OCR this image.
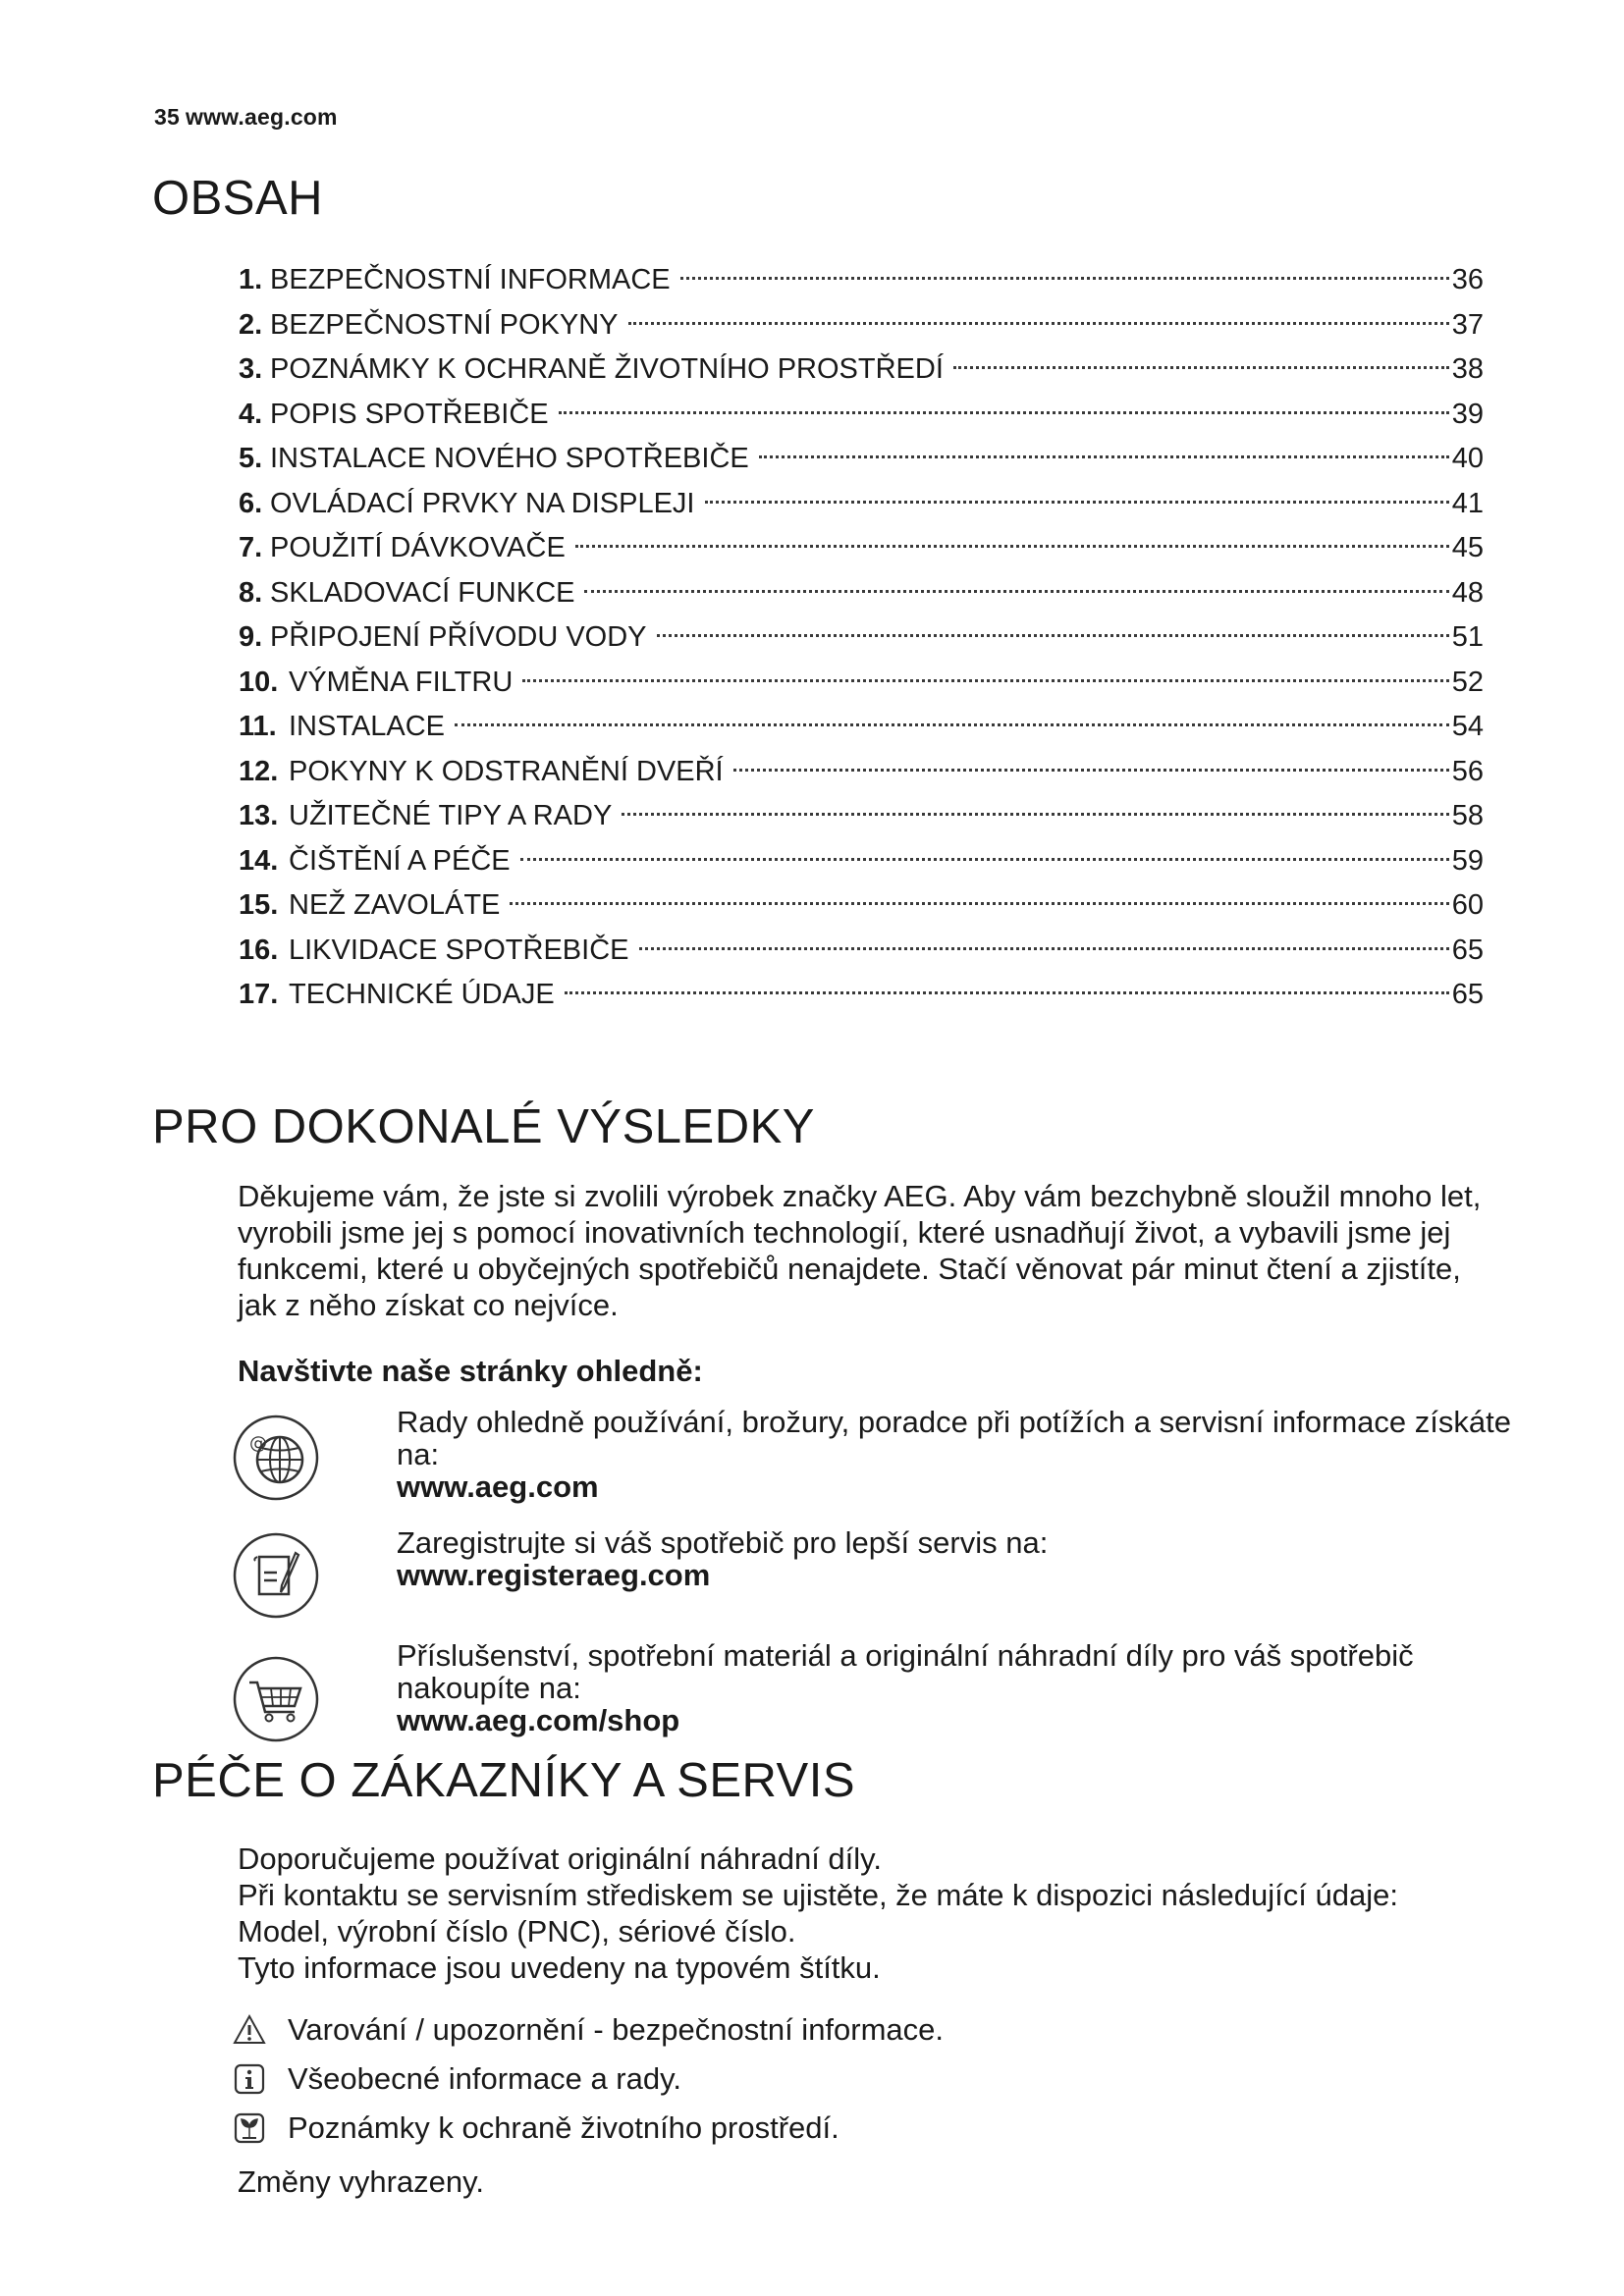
35 www.aeg.com
OBSAH
1. BEZPEČNOSTNÍ INFORMACE	36
2. BEZPEČNOSTNÍ POKYNY	37
3. POZNÁMKY K OCHRANĚ ŽIVOTNÍHO PROSTŘEDÍ	38
4. POPIS SPOTŘEBIČE	39
5. INSTALACE NOVÉHO SPOTŘEBIČE	40
6. OVLÁDACÍ PRVKY NA DISPLEJI	41
7. POUŽITÍ DÁVKOVAČE	45
8. SKLADOVACÍ FUNKCE	48
9. PŘIPOJENÍ PŘÍVODU VODY	51
10. VÝMĚNA FILTRU	52
11. INSTALACE	54
12. POKYNY K ODSTRANĚNÍ DVEŘÍ	56
13. UŽITEČNÉ TIPY A RADY	58
14. ČIŠTĚNÍ A PÉČE	59
15. NEŽ ZAVOLÁTE	60
16. LIKVIDACE SPOTŘEBIČE	65
17. TECHNICKÉ ÚDAJE	65
PRO DOKONALÉ VÝSLEDKY

Děkujeme vám, že jste si zvolili výrobek značky AEG. Aby vám bezchybně sloužil mnoho let, vyrobili jsme jej s pomocí inovativních technologií, které usnadňují život, a vybavili jsme jej funkcemi, které u obyčejných spotřebičů nenajdete. Stačí věnovat pár minut čtení a zjistíte, jak z něho získat co nejvíce.

Navštivte naše stránky ohledně:

@
Rady ohledně používání, brožury, poradce při potížích a servisní informace získáte na:
www.aeg.com
Zaregistrujte si váš spotřebič pro lepší servis na:
www.registeraeg.com
Příslušenství, spotřební materiál a originální náhradní díly pro váš spotřebič nakoupíte na:
www.aeg.com/shop
PÉČE O ZÁKAZNÍKY A SERVIS

Doporučujeme používat originální náhradní díly.
Při kontaktu se servisním střediskem se ujistěte, že máte k dispozici následující údaje: Model, výrobní číslo (PNC), sériové číslo.
Tyto informace jsou uvedeny na typovém štítku.

Varování / upozornění - bezpečnostní informace.
Všeobecné informace a rady.
Poznámky k ochraně životního prostředí.

Změny vyhrazeny.
